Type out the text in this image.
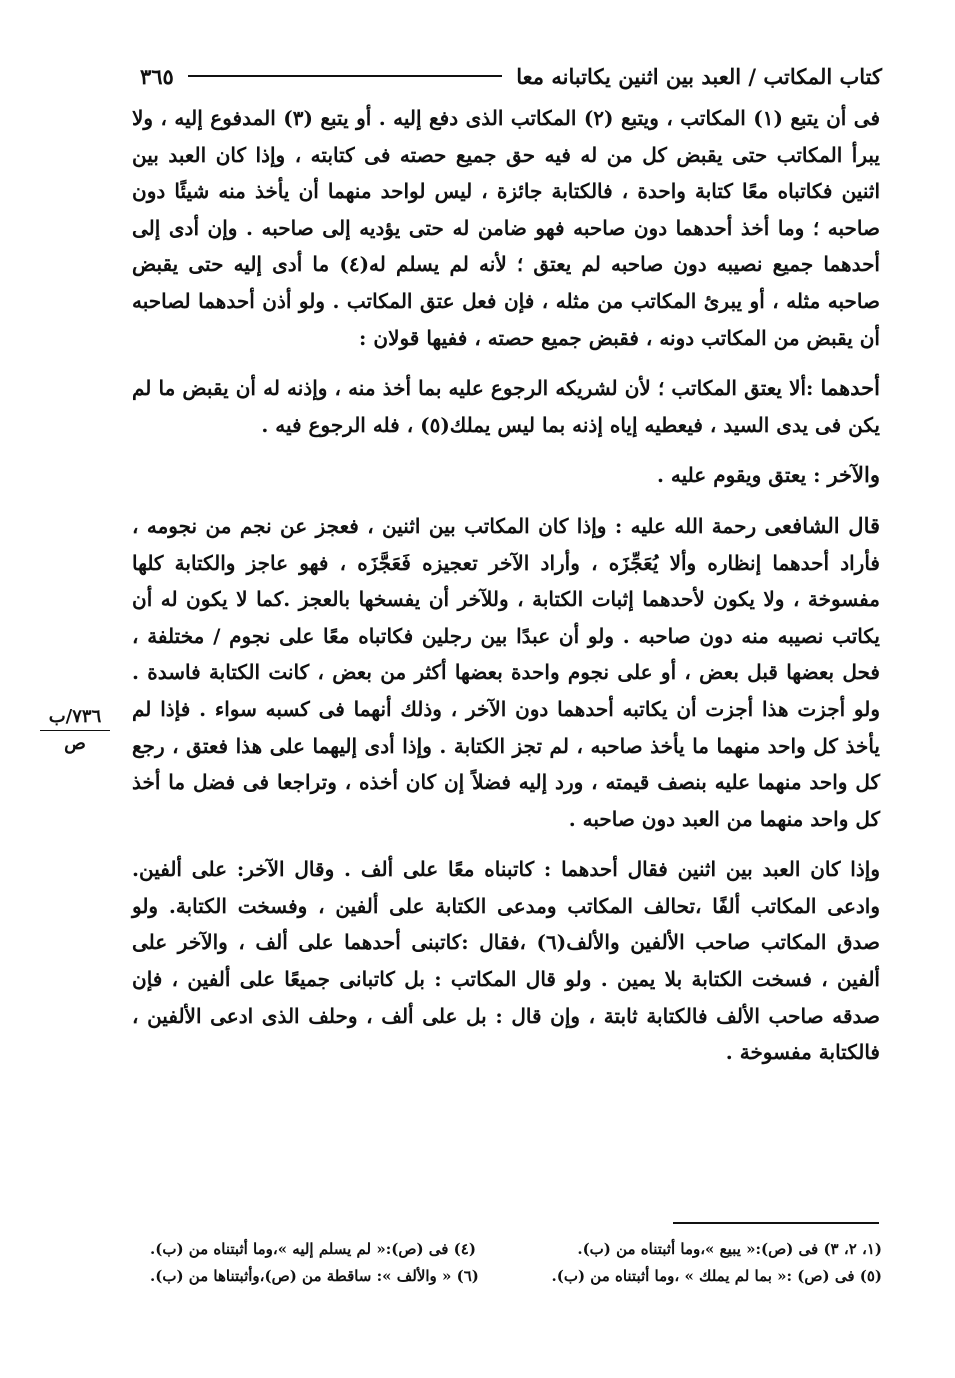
كتاب المكاتب / العبد بين اثنين يكاتبانه معا
٣٦٥

فى أن يتبع (١) المكاتب ، ويتبع (٢) المكاتب الذى دفع إليه . أو يتبع (٣) المدفوع إليه ، ولا يبرأ المكاتب حتى يقبض كل من له فيه حق جميع حصته فى كتابته ، وإذا كان العبد بين اثنين فكاتباه معًا كتابة واحدة ، فالكتابة جائزة ، ليس لواحد منهما أن يأخذ منه شيئًا دون صاحبه ؛ وما أخذ أحدهما دون صاحبه فهو ضامن له حتى يؤديه إلى صاحبه . وإن أدى إلى أحدهما جميع نصيبه دون صاحبه لم يعتق ؛ لأنه لم يسلم له(٤) ما أدى إليه حتى يقبض صاحبه مثله ، أو يبرئ المكاتب من مثله ، فإن فعل عتق المكاتب . ولو أذن أحدهما لصاحبه أن يقبض من المكاتب دونه ، فقبض جميع حصته ، ففيها قولان :

أحدهما :ألا يعتق المكاتب ؛ لأن لشريكه الرجوع عليه بما أخذ منه ، وإذنه له أن يقبض ما لم يكن فى يدى السيد ، فيعطيه إياه إذنه بما ليس يملك(٥) ، فله الرجوع فيه .

والآخر : يعتق ويقوم عليه .

قال الشافعى رحمة الله عليه : وإذا كان المكاتب بين اثنين ، فعجز عن نجم من نجومه ، فأراد أحدهما إنظاره وألا يُعَجِّزَه ، وأراد الآخر تعجيزه فَعَجَّزَه ، فهو عاجز والكتابة كلها مفسوخة ، ولا يكون لأحدهما إثبات الكتابة ، وللآخر أن يفسخها بالعجز .كما لا يكون له أن يكاتب نصيبه منه دون صاحبه . ولو أن عبدًا بين رجلين فكاتباه معًا على نجوم / مختلفة ، فحل بعضها قبل بعض ، أو على نجوم واحدة بعضها أكثر من بعض ، كانت الكتابة فاسدة . ولو أجزت هذا أجزت أن يكاتبه أحدهما دون الآخر ، وذلك أنهما فى كسبه سواء . فإذا لم يأخذ كل واحد منهما ما يأخذ صاحبه ، لم تجز الكتابة . وإذا أدى إليهما على هذا فعتق ، رجع كل واحد منهما عليه بنصف قيمته ، ورد إليه فضلاً إن كان أخذه ، وتراجعا فى فضل ما أخذ كل واحد منهما من العبد دون صاحبه .

وإذا كان العبد بين اثنين فقال أحدهما : كاتبناه معًا على ألف . وقال الآخر: على ألفين. وادعى المكاتب ألفًا ،تحالف المكاتب ومدعى الكتابة على ألفين ، وفسخت الكتابة. ولو صدق المكاتب صاحب الألفين والألف(٦) ،فقال :كاتبنى أحدهما على ألف ، والآخر على ألفين ، فسخت الكتابة بلا يمين . ولو قال المكاتب : بل كاتبانى جميعًا على ألفين ، فإن صدقه صاحب الألف فالكتابة ثابتة ، وإن قال : بل على ألف ، وحلف الذى ادعى الألفين ، فالكتابة مفسوخة .

٧٣٦/ب
ص
(١، ٢، ٣) فى (ص):« يبيع »،وما أثبتناه من (ب).
(٤) فى (ص):« لم يسلم إليه »،وما أثبتناه من (ب).
(٥) فى (ص) :« بما لم يملك » ،وما أثبتناه من (ب).
(٦) « والألف »: ساقطة من (ص)،وأثبتناها من (ب).
